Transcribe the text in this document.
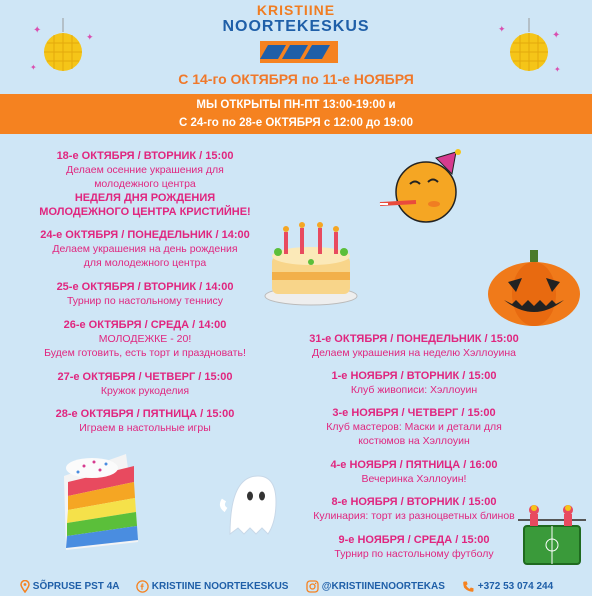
✦
✦
✦
✦
✦
✦
KRISTIINE
NOORTEKESKUS
С 14-го ОКТЯБРЯ по 11-е НОЯБРЯ
МЫ ОТКРЫТЫ ПН-ПТ 13:00-19:00 и
С 24-го по 28-е ОКТЯБРЯ с 12:00 до 19:00
18-е ОКТЯБРЯ / ВТОРНИК / 15:00
Делаем осенние украшения для
молодежного центра
НЕДЕЛЯ ДНЯ РОЖДЕНИЯ
МОЛОДЕЖНОГО ЦЕНТРА КРИСТИЙНЕ!
24-е ОКТЯБРЯ / ПОНЕДЕЛЬНИК / 14:00
Делаем украшения на день рождения
для молодежного центра
25-е ОКТЯБРЯ / ВТОРНИК / 14:00
Турнир по настольному теннису
26-е ОКТЯБРЯ / СРЕДА / 14:00
МОЛОДЕЖКЕ - 20!
Будем готовить, есть торт и праздновать!
27-е ОКТЯБРЯ / ЧЕТВЕРГ / 15:00
Кружок рукоделия
28-е ОКТЯБРЯ / ПЯТНИЦА / 15:00
Играем в настольные игры
31-е ОКТЯБРЯ / ПОНЕДЕЛЬНИК / 15:00
Делаем украшения на неделю Хэллоуина
1-е НОЯБРЯ / ВТОРНИК / 15:00
Клуб живописи: Хэллоуин
3-е НОЯБРЯ / ЧЕТВЕРГ / 15:00
Клуб мастеров: Маски и детали для
костюмов на Хэллоуин
4-е НОЯБРЯ / ПЯТНИЦА / 16:00
Вечеринка Хэллоуин!
8-е НОЯБРЯ / ВТОРНИК / 15:00
Кулинария: торт из разноцветных блинов
9-е НОЯБРЯ / СРЕДА / 15:00
Турнир по настольному футболу
SÕPRUSE PST 4A	KRISTIINE NOORTEKESKUS	@KRISTIINENOORTEKAS	+372 53 074 244
